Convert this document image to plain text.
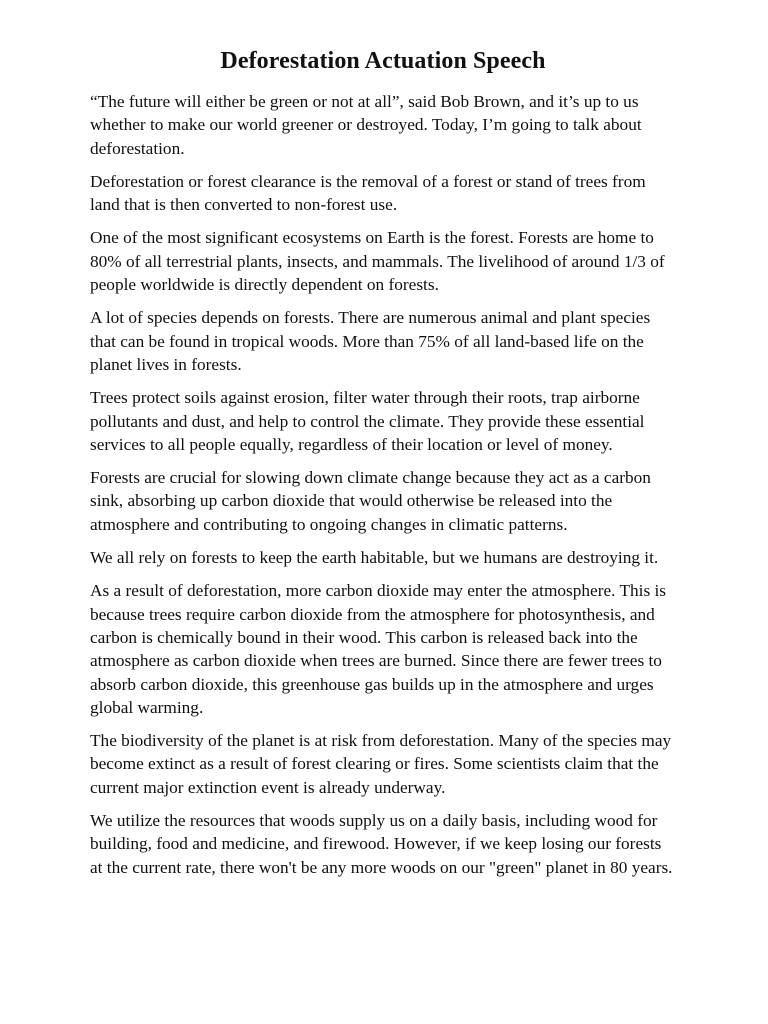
Deforestation Actuation Speech

“The future will either be green or not at all”, said Bob Brown, and it’s up to us whether to make our world greener or destroyed. Today, I’m going to talk about deforestation.

Deforestation or forest clearance is the removal of a forest or stand of trees from land that is then converted to non-forest use.

One of the most significant ecosystems on Earth is the forest. Forests are home to 80% of all terrestrial plants, insects, and mammals. The livelihood of around 1/3 of people worldwide is directly dependent on forests.

A lot of species depends on forests. There are numerous animal and plant species that can be found in tropical woods. More than 75% of all land-based life on the planet lives in forests.

Trees protect soils against erosion, filter water through their roots, trap airborne pollutants and dust, and help to control the climate. They provide these essential services to all people equally, regardless of their location or level of money.

Forests are crucial for slowing down climate change because they act as a carbon sink, absorbing up carbon dioxide that would otherwise be released into the atmosphere and contributing to ongoing changes in climatic patterns.

We all rely on forests to keep the earth habitable, but we humans are destroying it.

As a result of deforestation, more carbon dioxide may enter the atmosphere. This is because trees require carbon dioxide from the atmosphere for photosynthesis, and carbon is chemically bound in their wood. This carbon is released back into the atmosphere as carbon dioxide when trees are burned. Since there are fewer trees to absorb carbon dioxide, this greenhouse gas builds up in the atmosphere and urges global warming.

The biodiversity of the planet is at risk from deforestation. Many of the species may become extinct as a result of forest clearing or fires. Some scientists claim that the current major extinction event is already underway.

We utilize the resources that woods supply us on a daily basis, including wood for building, food and medicine, and firewood. However, if we keep losing our forests at the current rate, there won't be any more woods on our "green" planet in 80 years.
